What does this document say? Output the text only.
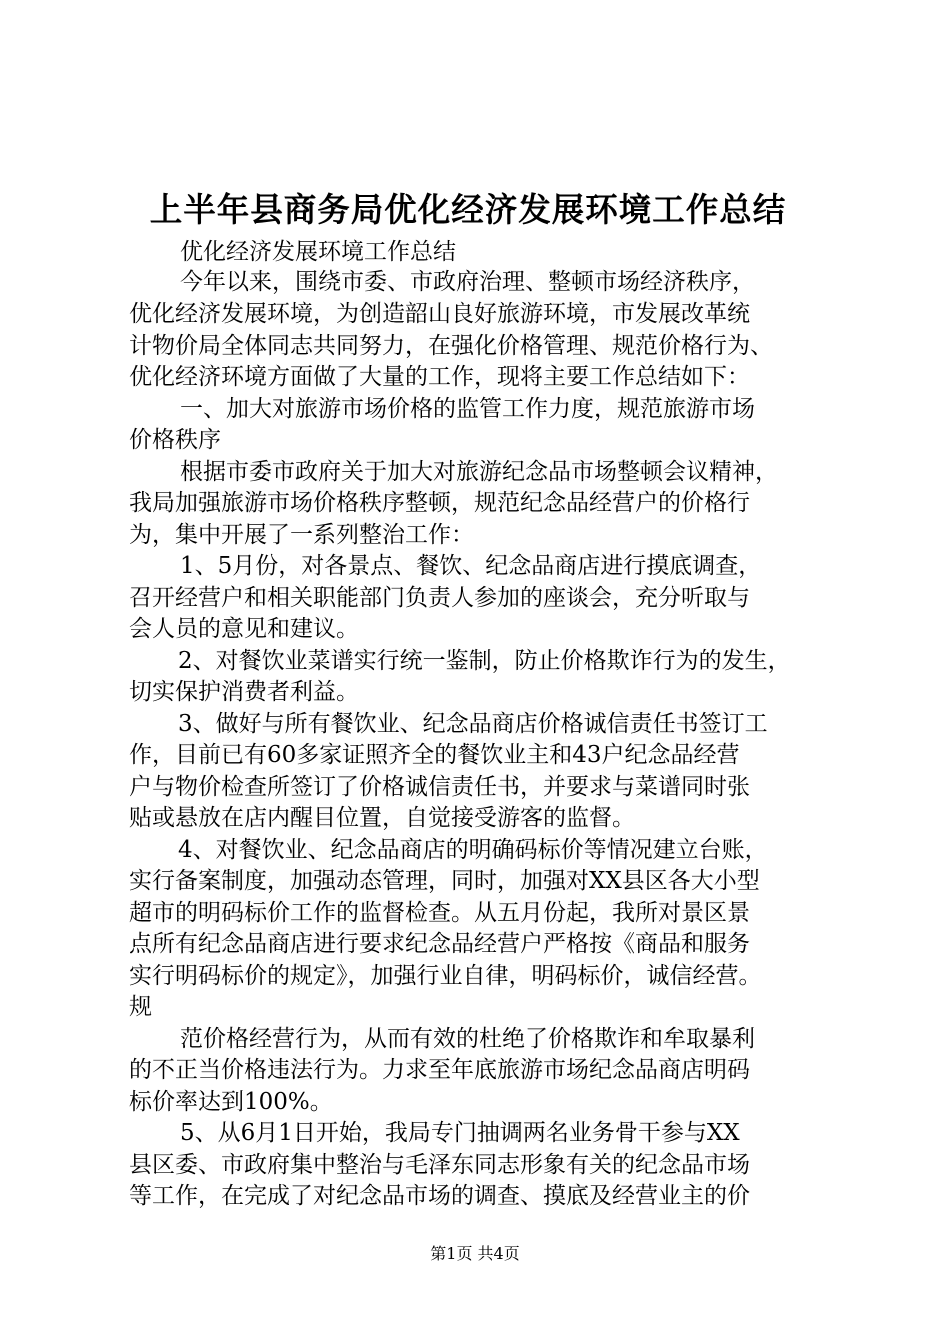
上半年县商务局优化经济发展环境工作总结
优化经济发展环境工作总结
今年以来，围绕市委、市政府治理、整顿市场经济秩序，
优化经济发展环境，为创造韶山良好旅游环境，市发展改革统
计物价局全体同志共同努力，在强化价格管理、规范价格行为、
优化经济环境方面做了大量的工作，现将主要工作总结如下：
一、加大对旅游市场价格的监管工作力度，规范旅游市场
价格秩序
根据市委市政府关于加大对旅游纪念品市场整顿会议精神，
我局加强旅游市场价格秩序整顿，规范纪念品经营户的价格行
为，集中开展了一系列整治工作：
1、5月份，对各景点、餐饮、纪念品商店进行摸底调查，
召开经营户和相关职能部门负责人参加的座谈会，充分听取与
会人员的意见和建议。
2、对餐饮业菜谱实行统一鉴制，防止价格欺诈行为的发生，
切实保护消费者利益。
3、做好与所有餐饮业、纪念品商店价格诚信责任书签订工
作，目前已有60多家证照齐全的餐饮业主和43户纪念品经营
户与物价检查所签订了价格诚信责任书，并要求与菜谱同时张
贴或悬放在店内醒目位置，自觉接受游客的监督。
4、对餐饮业、纪念品商店的明确码标价等情况建立台账，
实行备案制度，加强动态管理，同时，加强对XX县区各大小型
超市的明码标价工作的监督检查。从五月份起，我所对景区景
点所有纪念品商店进行要求纪念品经营户严格按《商品和服务
实行明码标价的规定》，加强行业自律，明码标价，诚信经营。
规
范价格经营行为，从而有效的杜绝了价格欺诈和牟取暴利
的不正当价格违法行为。力求至年底旅游市场纪念品商店明码
标价率达到100%。
5、从6月1日开始，我局专门抽调两名业务骨干参与XX
县区委、市政府集中整治与毛泽东同志形象有关的纪念品市场
等工作，在完成了对纪念品市场的调查、摸底及经营业主的价
第1页 共4页
